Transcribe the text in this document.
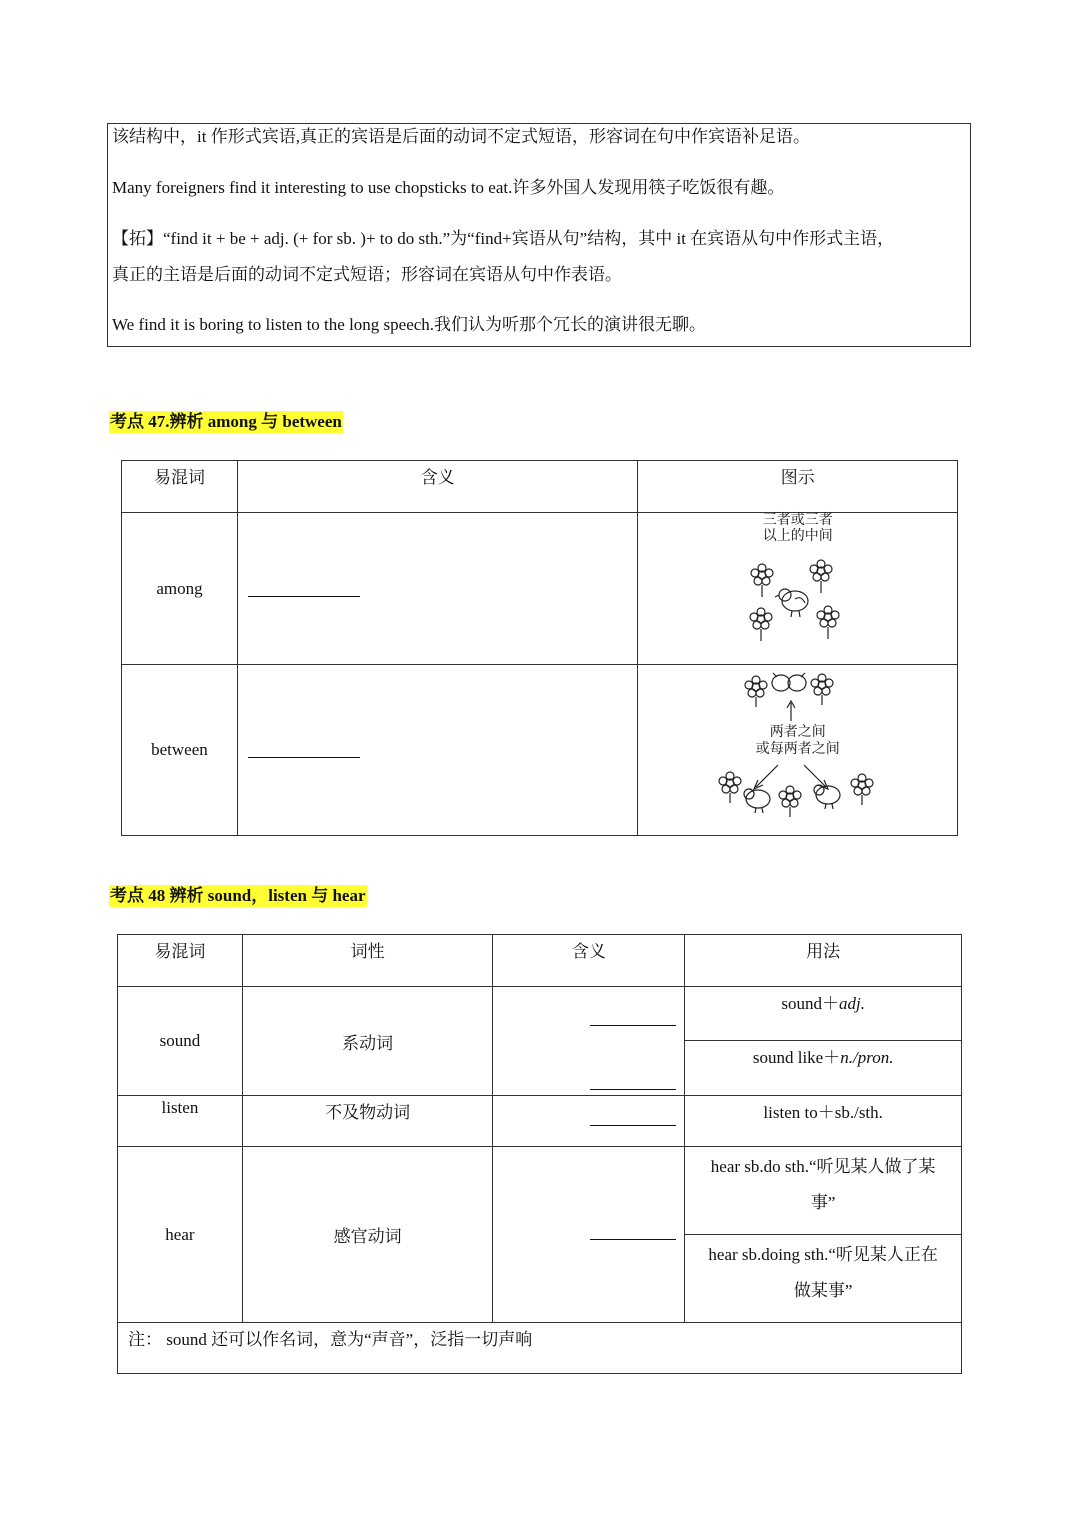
该结构中，it 作形式宾语,真正的宾语是后面的动词不定式短语，形容词在句中作宾语补足语。
Many foreigners find it interesting to use chopsticks to eat.许多外国人发现用筷子吃饭很有趣。
【拓】“find it + be + adj. (+ for sb. )+ to do sth.”为“find+宾语从句”结构，其中 it 在宾语从句中作形式主语，
真正的主语是后面的动词不定式短语；形容词在宾语从句中作表语。
We find it is boring to listen to the long speech.我们认为听那个冗长的演讲很无聊。
考点 47.辨析 among 与 between
易混词	含义	图示
among		三者或三者
以上的中间

between		两者之间
或每两者之间
考点 48 辨析 sound，listen 与 hear
易混词	词性	含义	用法
sound	系动词		sound＋adj.
			sound like＋n./pron.
listen	不及物动词		listen to＋sb./sth.
hear	感官动词		hear sb.do sth.“听见某人做了某
事”

			hear sb.doing sth.“听见某人正在
做某事”

注： sound 还可以作名词，意为“声音”，泛指一切声响			
